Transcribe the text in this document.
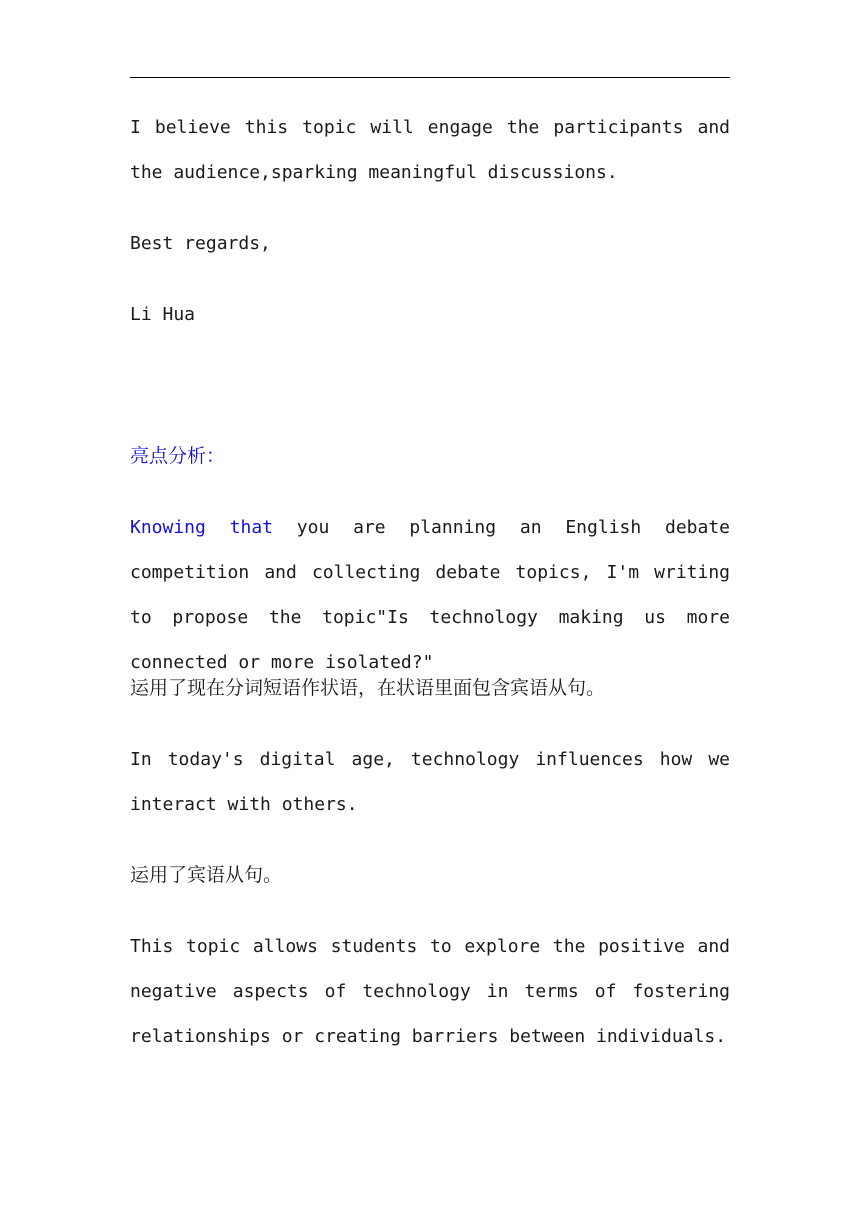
I believe this topic will engage the participants and the audience,sparking meaningful discussions.

Best regards,

Li Hua

亮点分析：

Knowing that you are planning an English debate competition and collecting debate topics, I'm writing to propose the topic"Is technology making us more connected or more isolated?"

运用了现在分词短语作状语，在状语里面包含宾语从句。

In today's digital age, technology influences how we interact with others.

运用了宾语从句。

This topic allows students to explore the positive and negative aspects of technology in terms of fostering relationships or creating barriers between individuals.
